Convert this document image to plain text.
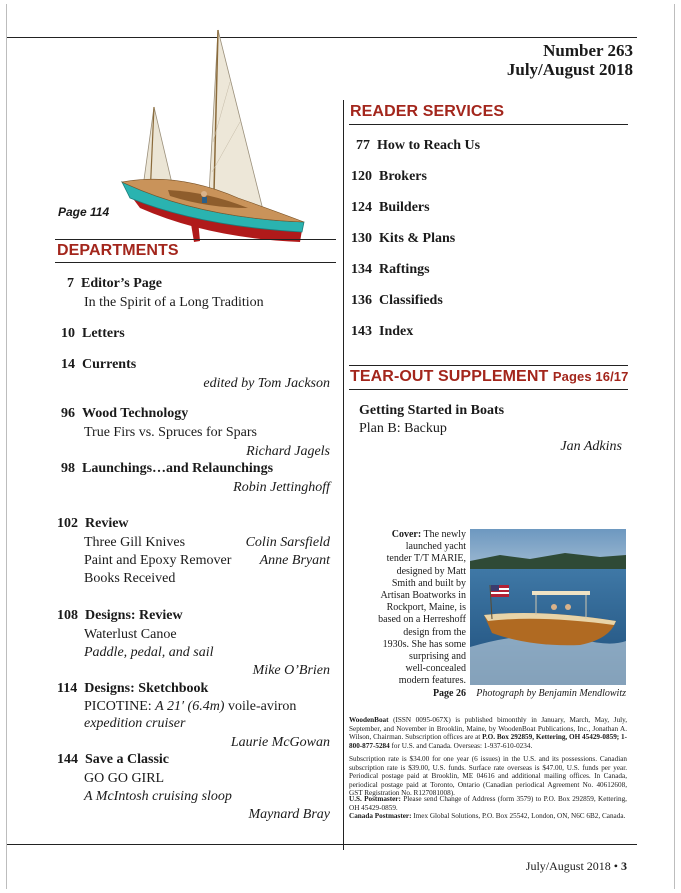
Number 263
July/August 2018
Page 114
DEPARTMENTS
7 Editor’s Page
In the Spirit of a Long Tradition
10 Letters
14 Currents
edited by Tom Jackson
96 Wood Technology
True Firs vs. Spruces for Spars
Richard Jagels
98 Launchings…and Relaunchings
Robin Jettinghoff
102 Review
Three Gill Knives	Colin Sarsfield
Paint and Epoxy Remover Anne Bryant
Books Received
108 Designs: Review
Waterlust Canoe
Paddle, pedal, and sail
Mike O’Brien
114 Designs: Sketchbook
PICOTINE: A 21′ (6.4m) voile-aviron
expedition cruiser
Laurie McGowan
144 Save a Classic
GO GO GIRL
A McIntosh cruising sloop
Maynard Bray
READER SERVICES
77 How to Reach Us
120 Brokers
124 Builders
130 Kits & Plans
134 Raftings
136 Classifieds
143 Index
TEAR-OUT SUPPLEMENT Pages 16/17
Getting Started in Boats
Plan B: Backup
Jan Adkins
Cover: The newly
launched yacht
tender T/T MARIE,
designed by Matt
Smith and built by
Artisan Boatworks in
Rockport, Maine, is
based on a Herreshoff
design from the
1930s. She has some
surprising and
well-concealed
modern features.
Page 26	Photograph by Benjamin Mendlowitz
WoodenBoat (ISSN 0095-067X) is published bimonthly in January, March, May, July, September, and November in Brooklin, Maine, by WoodenBoat Publications, Inc., Jonathan A. Wilson, Chairman. Subscription offices are at P.O. Box 292859, Kettering, OH 45429-0859; 1-800-877-5284 for U.S. and Canada. Overseas: 1-937-610-0234.
Subscription rate is $34.00 for one year (6 issues) in the U.S. and its possessions. Canadian subscription rate is $39.00, U.S. funds. Surface rate overseas is $47.00, U.S. funds per year. Periodical postage paid at Brooklin, ME 04616 and additional mailing offices. In Canada, periodical postage paid at Toronto, Ontario (Canadian periodical Agreement No. 40612608, GST Registration No. R127081008).
U.S. Postmaster: Please send Change of Address (form 3579) to P.O. Box 292859, Kettering, OH 45429-0859.
Canada Postmaster: Imex Global Solutions, P.O. Box 25542, London, ON, N6C 6B2, Canada.
July/August 2018 • 3
